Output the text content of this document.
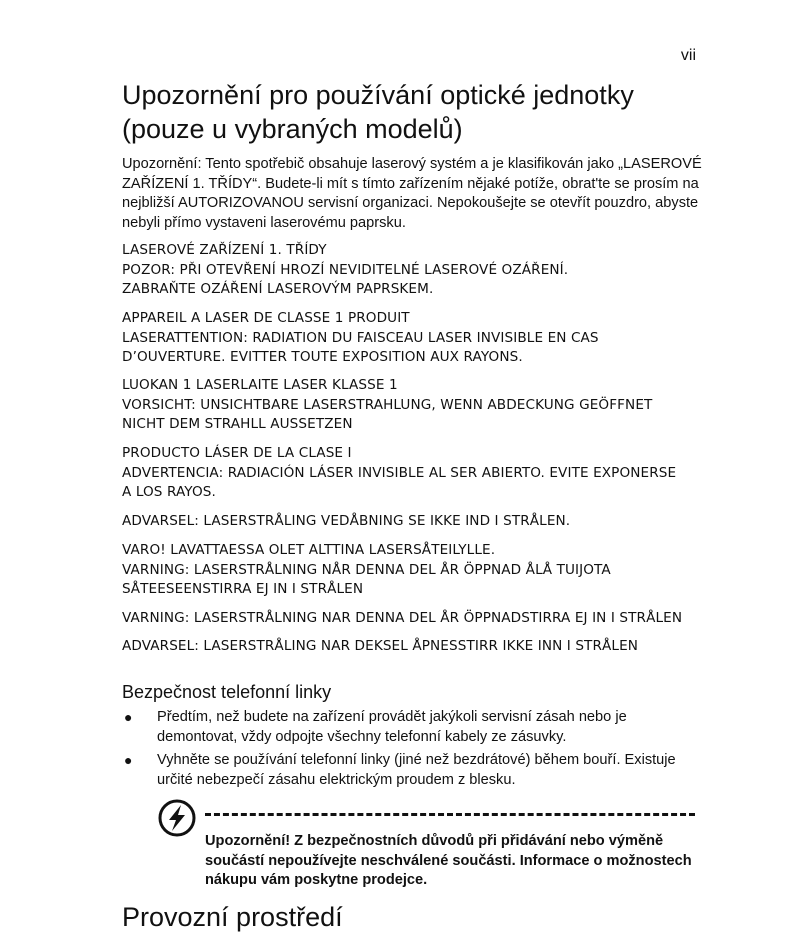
vii
Upozornění pro používání optické jednotky
(pouze u vybraných modelů)

Upozornění: Tento spotřebič obsahuje laserový systém a je klasifikován jako „LASEROVÉ ZAŘÍZENÍ 1. TŘÍDY“. Budete-li mít s tímto zařízením nějaké potíže, obrat'te se prosím na nejbližší AUTORIZOVANOU servisní organizaci. Nepokoušejte se otevřít pouzdro, abyste nebyli přímo vystaveni laserovému paprsku.

LASEROVÉ ZAŘÍZENÍ 1. TŘÍDY
POZOR: PŘI OTEVŘENÍ HROZÍ NEVIDITELNÉ LASEROVÉ OZÁŘENÍ.
ZABRAŇTE OZÁŘENÍ LASEROVÝM PAPRSKEM.
APPAREIL A LASER DE CLASSE 1 PRODUIT
LASERATTENTION: RADIATION DU FAISCEAU LASER INVISIBLE EN CAS
D’OUVERTURE. EVITTER TOUTE EXPOSITION AUX RAYONS.
LUOKAN 1 LASERLAITE LASER KLASSE 1
VORSICHT: UNSICHTBARE LASERSTRAHLUNG, WENN ABDECKUNG GEÖFFNET
NICHT DEM STRAHLL AUSSETZEN
PRODUCTO LÁSER DE LA CLASE I
ADVERTENCIA: RADIACIÓN LÁSER INVISIBLE AL SER ABIERTO. EVITE EXPONERSE
A LOS RAYOS.
ADVARSEL: LASERSTRÅLING VEDÅBNING SE IKKE IND I STRÅLEN.
VARO! LAVATTAESSA OLET ALTTINA LASERSÅTEILYLLE.
VARNING: LASERSTRÅLNING NÅR DENNA DEL ÅR ÖPPNAD ÅLÅ TUIJOTA
SÅTEESEENSTIRRA EJ IN I STRÅLEN
VARNING: LASERSTRÅLNING NAR DENNA DEL ÅR ÖPPNADSTIRRA EJ IN I STRÅLEN
ADVARSEL: LASERSTRÅLING NAR DEKSEL ÅPNESSTIRR IKKE INN I STRÅLEN
Bezpečnost telefonní linky
● Předtím, než budete na zařízení provádět jakýkoli servisní zásah nebo je demontovat, vždy odpojte všechny telefonní kabely ze zásuvky.
● Vyhněte se používání telefonní linky (jiné než bezdrátové) během bouří. Existuje určité nebezpečí zásahu elektrickým proudem z blesku.

Upozornění! Z bezpečnostních důvodů při přidávání nebo výměně součástí nepoužívejte neschválené součásti. Informace o možnostech nákupu vám poskytne prodejce.

Provozní prostředí
